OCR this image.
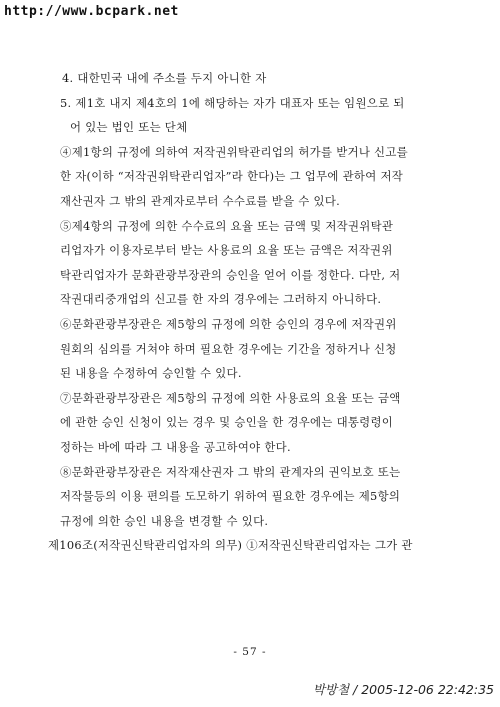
http://www.bcpark.net
4. 대한민국 내에 주소를 두지 아니한 자
5. 제1호 내지 제4호의 1에 해당하는 자가 대표자 또는 임원으로 되
어 있는 법인 또는 단체
④제1항의 규정에 의하여 저작권위탁관리업의 허가를 받거나 신고를
한 자(이하 “저작권위탁관리업자”라 한다)는 그 업무에 관하여 저작
재산권자 그 밖의 관계자로부터 수수료를 받을 수 있다.
⑤제4항의 규정에 의한 수수료의 요율 또는 금액 및 저작권위탁관
리업자가 이용자로부터 받는 사용료의 요율 또는 금액은 저작권위
탁관리업자가 문화관광부장관의 승인을 얻어 이를 정한다. 다만, 저
작권대리중개업의 신고를 한 자의 경우에는 그러하지 아니하다.
⑥문화관광부장관은 제5항의 규정에 의한 승인의 경우에 저작권위
원회의 심의를 거쳐야 하며 필요한 경우에는 기간을 정하거나 신청
된 내용을 수정하여 승인할 수 있다.
⑦문화관광부장관은 제5항의 규정에 의한 사용료의 요율 또는 금액
에 관한 승인 신청이 있는 경우 및 승인을 한 경우에는 대통령령이
정하는 바에 따라 그 내용을 공고하여야 한다.
⑧문화관광부장관은 저작재산권자 그 밖의 관계자의 권익보호 또는
저작물등의 이용 편의를 도모하기 위하여 필요한 경우에는 제5항의
규정에 의한 승인 내용을 변경할 수 있다.
제106조(저작권신탁관리업자의 의무) ①저작권신탁관리업자는 그가 관
- 57 -
박방철 / 2005-12-06 22:42:35
